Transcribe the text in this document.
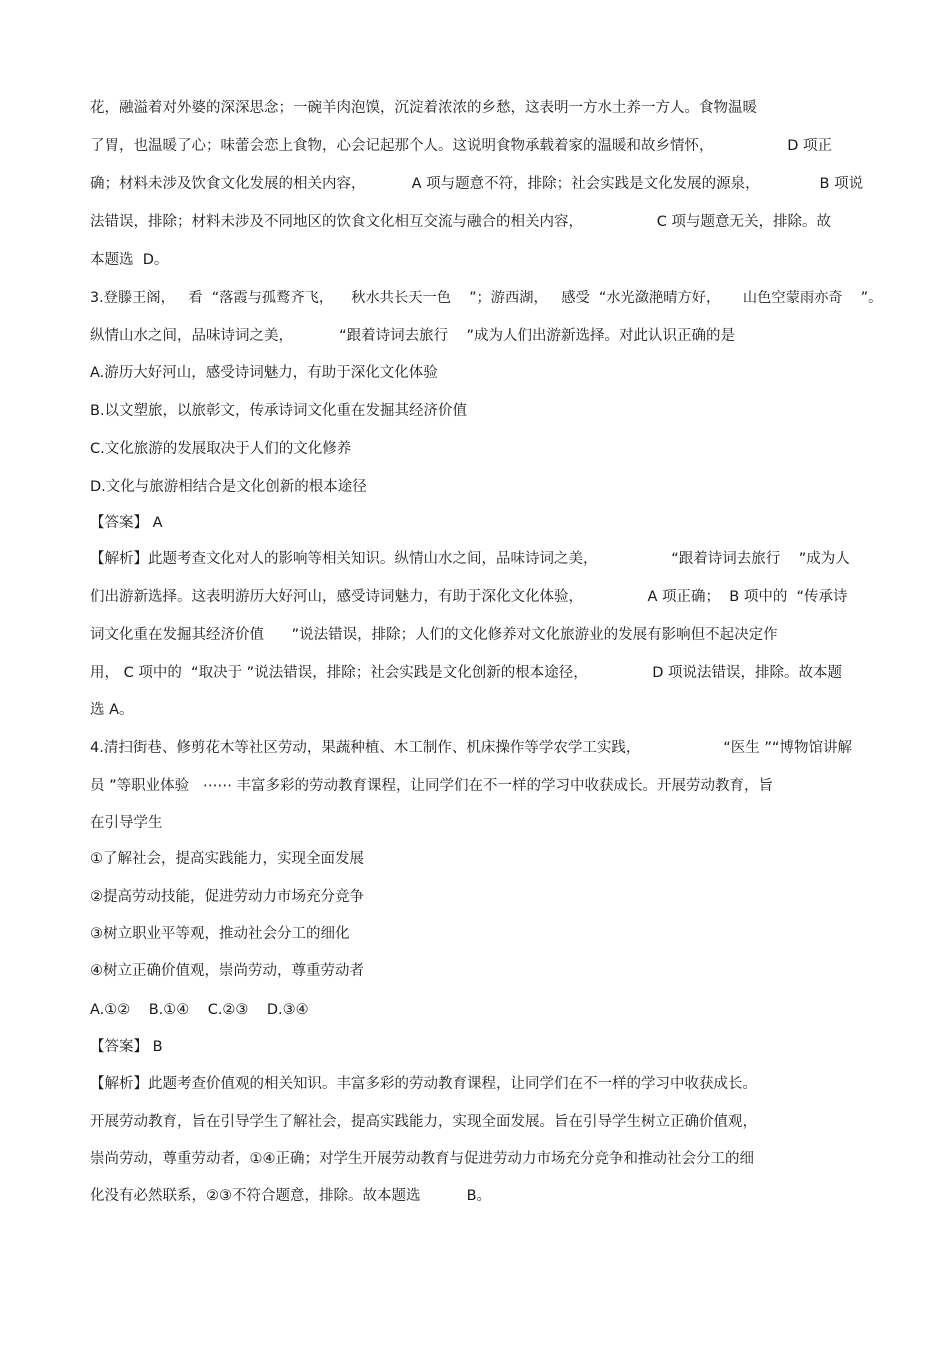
花，融溢着对外婆的深深思念；一碗羊肉泡馍，沉淀着浓浓的乡愁，这表明一方水土养一方人。食物温暖
了胃，也温暖了心；味蕾会恋上食物，心会记起那个人。这说明食物承载着家的温暖和故乡情怀，                D 项正
确；材料未涉及饮食文化发展的相关内容，          A 项与题意不符，排除；社会实践是文化发展的源泉，             B 项说
法错误，排除；材料未涉及不同地区的饮食文化相互交流与融合的相关内容，                C 项与题意无关，排除。故
本题选  D。
3.登滕王阁，   看  “落霞与孤鹜齐飞，    秋水共长天一色    ”；游西湖，   感受  “水光潋滟晴方好，     山色空蒙雨亦奇    ”。
纵情山水之间，品味诗词之美，          “跟着诗词去旅行    ”成为人们出游新选择。对此认识正确的是
A.游历大好河山，感受诗词魅力，有助于深化文化体验
B.以文塑旅，以旅彰文，传承诗词文化重在发掘其经济价值
C.文化旅游的发展取决于人们的文化修养
D.文化与旅游相结合是文化创新的根本途径
【答案】 A
【解析】此题考查文化对人的影响等相关知识。纵情山水之间，品味诗词之美，                “跟着诗词去旅行    ”成为人
们出游新选择。这表明游历大好河山，感受诗词魅力，有助于深化文化体验，              A 项正确；  B 项中的  “传承诗
词文化重在发掘其经济价值      ”说法错误，排除；人们的文化修养对文化旅游业的发展有影响但不起决定作
用， C 项中的  “取决于 ”说法错误，排除；社会实践是文化创新的根本途径，              D 项说法错误，排除。故本题
选 A。
4.清扫街巷、修剪花木等社区劳动，果蔬种植、木工制作、机床操作等学农学工实践，                  “医生 ”“博物馆讲解
员 ”等职业体验   ⋯⋯ 丰富多彩的劳动教育课程，让同学们在不一样的学习中收获成长。开展劳动教育，旨
在引导学生
①了解社会，提高实践能力，实现全面发展
②提高劳动技能，促进劳动力市场充分竞争
③树立职业平等观，推动社会分工的细化
④树立正确价值观，崇尚劳动，尊重劳动者
A.①②    B.①④    C.②③    D.③④
【答案】 B
【解析】此题考查价值观的相关知识。丰富多彩的劳动教育课程，让同学们在不一样的学习中收获成长。
开展劳动教育，旨在引导学生了解社会，提高实践能力，实现全面发展。旨在引导学生树立正确价值观，
崇尚劳动，尊重劳动者，①④正确；对学生开展劳动教育与促进劳动力市场充分竞争和推动社会分工的细
化没有必然联系，②③不符合题意，排除。故本题选          B。
